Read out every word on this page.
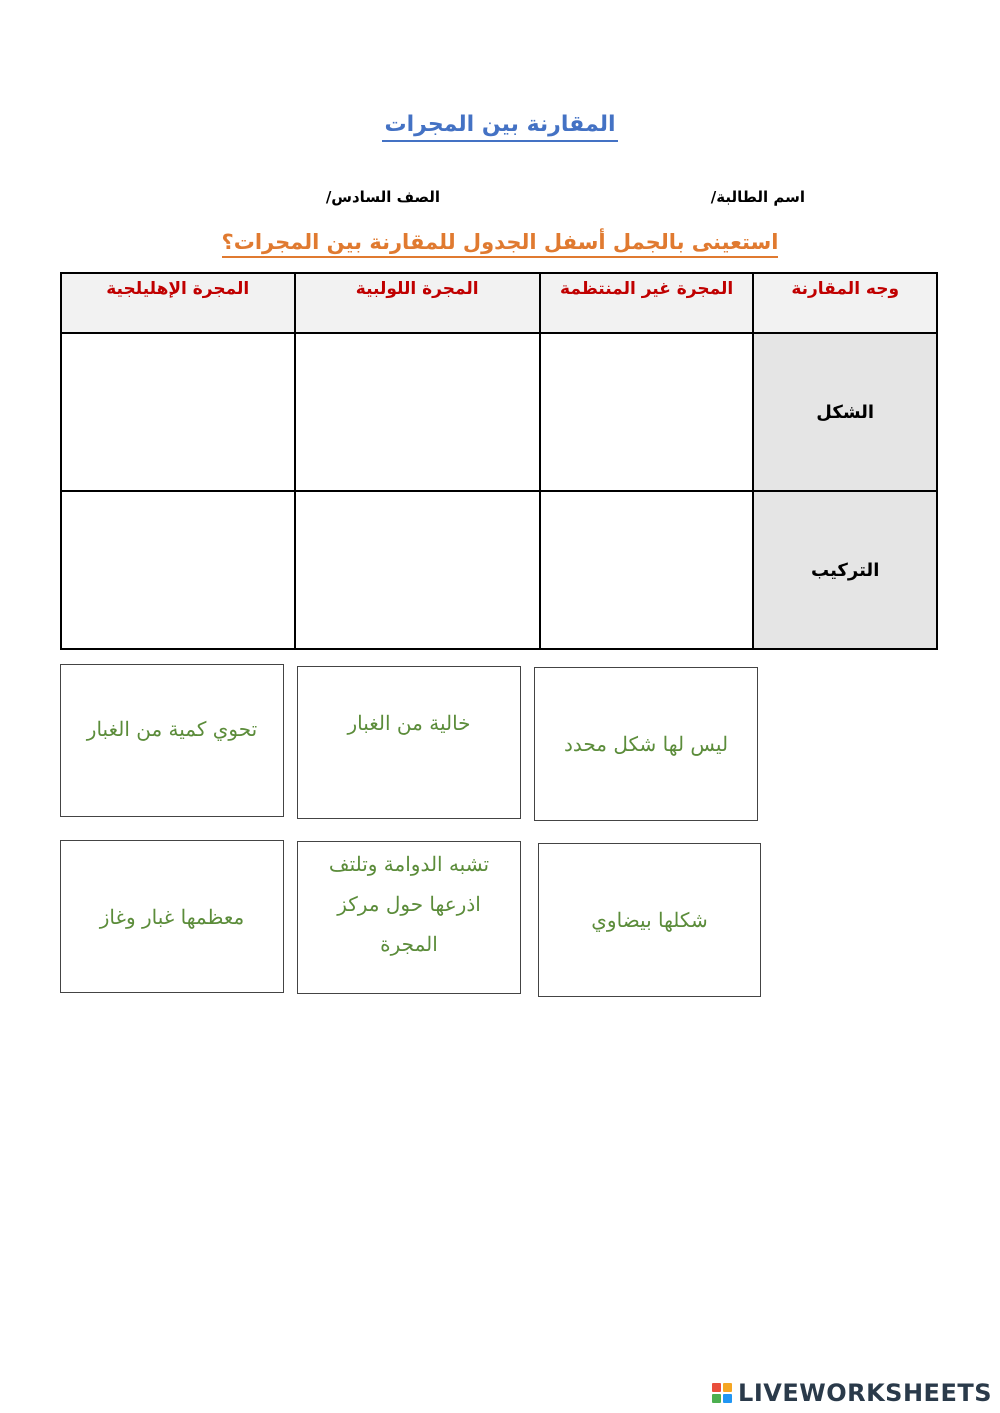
المقارنة بين المجرات
اسم الطالبة/
الصف السادس/
استعينى بالجمل أسفل الجدول للمقارنة بين المجرات؟
وجه المقارنة	المجرة غير المنتظمة	المجرة اللولبية	المجرة الإهليلجية
الشكل			
التركيب			
تحوي كمية من الغبار	خالية من الغبار
ليس لها شكل محدد
معظمها غبار وغاز
تشبه الدوامة وتلتف اذرعها حول مركز المجرة
شكلها بيضاوي
LIVEWORKSHEETS
